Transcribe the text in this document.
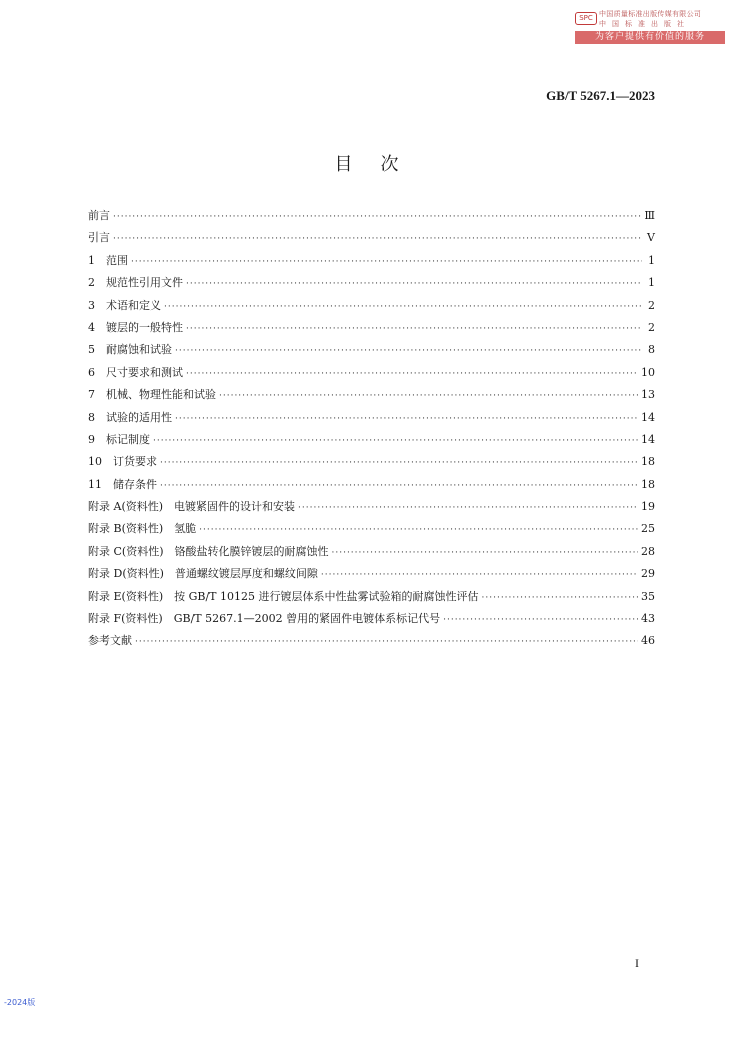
SPC 中国质量标准出版传媒有限公司
中国标准出版社
为客户提供有价值的服务
GB/T 5267.1—2023
目次
前言 ·····	Ⅲ
引言 ·····	Ⅴ
1　范围 ·····	1
2　规范性引用文件 ·····	1
3　术语和定义 ·····	2
4　镀层的一般特性 ·····	2
5　耐腐蚀和试验 ·····	8
6　尺寸要求和测试 ·····	10
7　机械、物理性能和试验 ·····	13
8　试验的适用性 ·····	14
9　标记制度 ·····	14
10　订货要求 ·····	18
11　储存条件 ·····	18
附录 A(资料性)　电镀紧固件的设计和安装 ·····	19
附录 B(资料性)　氢脆 ·····	25
附录 C(资料性)　铬酸盐转化膜锌镀层的耐腐蚀性 ·····	28
附录 D(资料性)　普通螺纹镀层厚度和螺纹间隙 ·····	29
附录 E(资料性)　按 GB/T 10125 进行镀层体系中性盐雾试验箱的耐腐蚀性评估 ·····	35
附录 F(资料性)　GB/T 5267.1—2002 曾用的紧固件电镀体系标记代号 ·····	43
参考文献 ·····	46
I
-2024版
